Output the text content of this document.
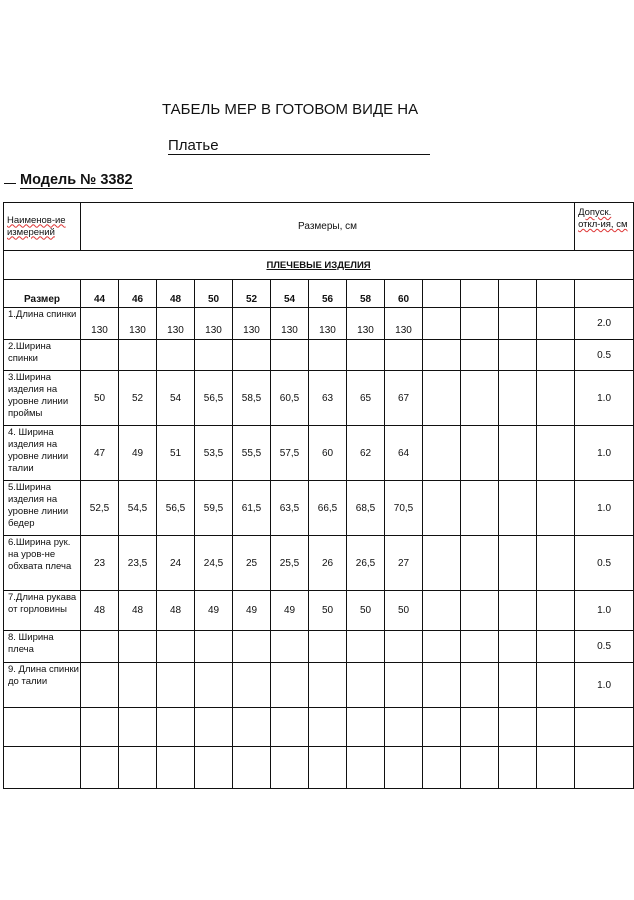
ТАБЕЛЬ МЕР В ГОТОВОМ ВИДЕ НА
Платье
Модель № 3382
Наименов-ие измерений	Размеры, см													Допуск. откл-ия, см
ПЛЕЧЕВЫЕ ИЗДЕЛИЯ														
Размер	44	46	48	50	52	54	56	58	60					
1.Длина спинки	130	130	130	130	130	130	130	130	130					2.0
2.Ширина спинки														0.5
3.Ширина изделия на уровне линии проймы	50	52	54	56,5	58,5	60,5	63	65	67					1.0
4. Ширина изделия на уровне линии талии	47	49	51	53,5	55,5	57,5	60	62	64					1.0
5.Ширина изделия на уровне линии бедер	52,5	54,5	56,5	59,5	61,5	63,5	66,5	68,5	70,5					1.0
6.Ширина рук. на уров-не обхвата плеча	23	23,5	24	24,5	25	25,5	26	26,5	27					0.5
7.Длина рукава от горловины	48	48	48	49	49	49	50	50	50					1.0
8. Ширина плеча														0.5
9. Длина спинки до талии														1.0
